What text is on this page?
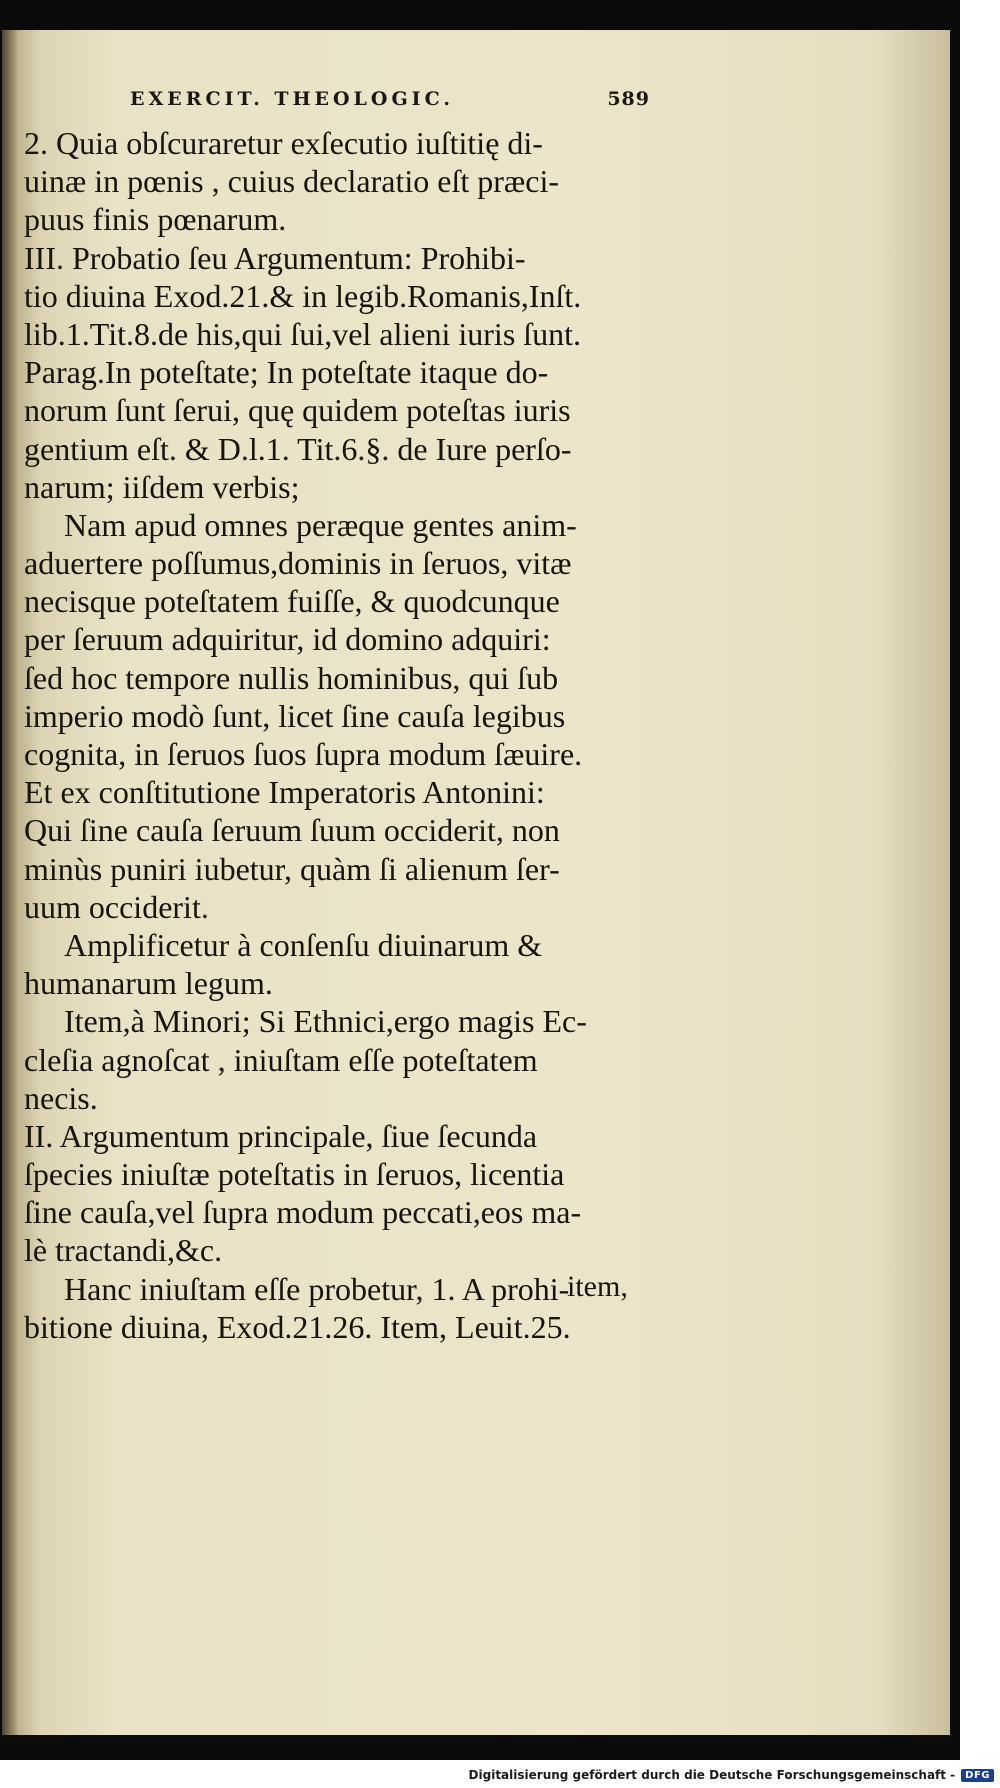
EXERCIT. THEOLOGIC.	589
2. Quia obſcuraretur exſecutio iuſtitię di-
uinæ in pœnis , cuius declaratio eſt præci-
puus finis pœnarum.
III. Probatio ſeu Argumentum: Prohibi-
tio diuina Exod.21.& in legib.Romanis,Inſt.
lib.1.Tit.8.de his,qui ſui,vel alieni iuris ſunt.
Parag.In poteſtate; In poteſtate itaque do-
norum ſunt ſerui, quę quidem poteſtas iuris
gentium eſt. & D.l.1. Tit.6.§. de Iure perſo-
narum; iiſdem verbis;
Nam apud omnes peræque gentes anim-
aduertere poſſumus,dominis in ſeruos, vitæ
necisque poteſtatem fuiſſe, & quodcunque
per ſeruum adquiritur, id domino adquiri:
ſed hoc tempore nullis hominibus, qui ſub
imperio modò ſunt, licet ſine cauſa legibus
cognita, in ſeruos ſuos ſupra modum ſæuire.
Et ex conſtitutione Imperatoris Antonini:
Qui ſine cauſa ſeruum ſuum occiderit, non
minùs puniri iubetur, quàm ſi alienum ſer-
uum occiderit.
Amplificetur à conſenſu diuinarum &
humanarum legum.
Item,à Minori; Si Ethnici,ergo magis Ec-
cleſia agnoſcat , iniuſtam eſſe poteſtatem
necis.
II. Argumentum principale, ſiue ſecunda
ſpecies iniuſtæ poteſtatis in ſeruos, licentia
ſine cauſa,vel ſupra modum peccati,eos ma-
lè tractandi,&c.
Hanc iniuſtam eſſe probetur, 1. A prohi-
bitione diuina, Exod.21.26. Item, Leuit.25.
item,
Digitalisierung gefördert durch die Deutsche Forschungsgemeinschaft -	DFG
